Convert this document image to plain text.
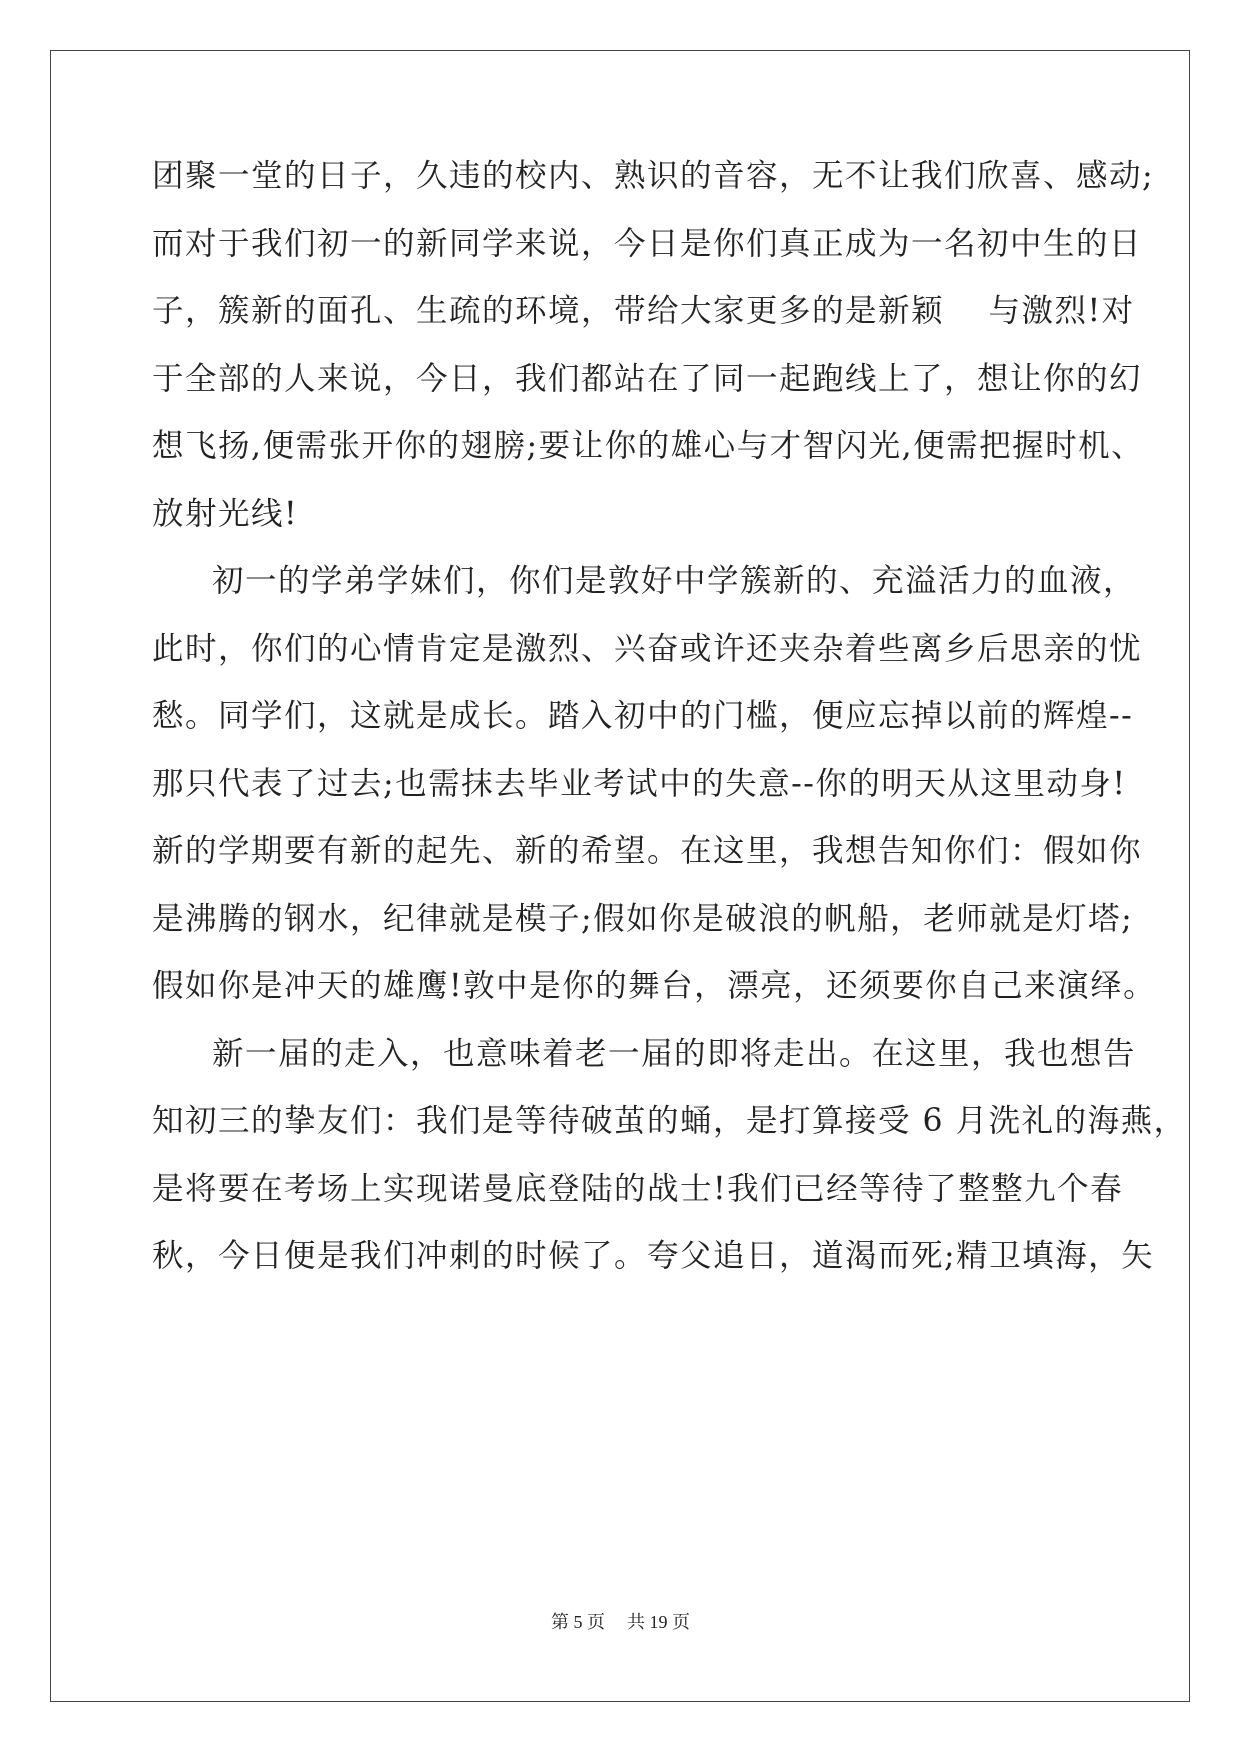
团聚一堂的日子，久违的校内、熟识的音容，无不让我们欣喜、感动;
而对于我们初一的新同学来说，今日是你们真正成为一名初中生的日
子，簇新的面孔、生疏的环境，带给大家更多的是新颖　 与激烈!对
于全部的人来说，今日，我们都站在了同一起跑线上了，想让你的幻
想飞扬,便需张开你的翅膀;要让你的雄心与才智闪光,便需把握时机、
放射光线!
初一的学弟学妹们，你们是敦好中学簇新的、充溢活力的血液，
此时，你们的心情肯定是激烈、兴奋或许还夹杂着些离乡后思亲的忧
愁。同学们，这就是成长。踏入初中的门槛，便应忘掉以前的辉煌--
那只代表了过去;也需抹去毕业考试中的失意--你的明天从这里动身!
新的学期要有新的起先、新的希望。在这里，我想告知你们：假如你
是沸腾的钢水，纪律就是模子;假如你是破浪的帆船，老师就是灯塔;
假如你是冲天的雄鹰!敦中是你的舞台，漂亮，还须要你自己来演绎。
新一届的走入，也意味着老一届的即将走出。在这里，我也想告
知初三的挚友们：我们是等待破茧的蛹，是打算接受 6 月洗礼的海燕，
是将要在考场上实现诺曼底登陆的战士!我们已经等待了整整九个春
秋，今日便是我们冲刺的时候了。夸父追日，道渴而死;精卫填海，矢
第 5 页 共 19 页
